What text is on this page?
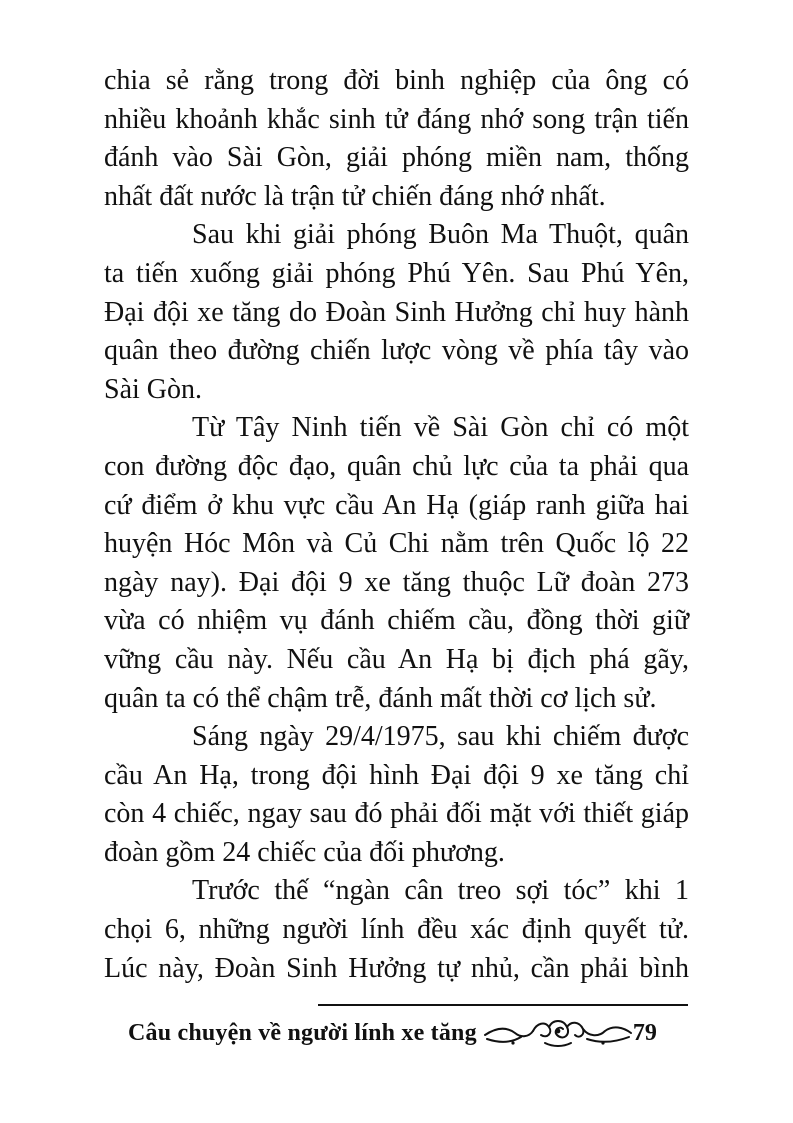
chia sẻ rằng trong đời binh nghiệp của ông có
nhiều khoảnh khắc sinh tử đáng nhớ song trận tiến
đánh vào Sài Gòn, giải phóng miền nam, thống
nhất đất nước là trận tử chiến đáng nhớ nhất.

Sau khi giải phóng Buôn Ma Thuột, quân
ta tiến xuống giải phóng Phú Yên. Sau Phú Yên,
Đại đội xe tăng do Đoàn Sinh Hưởng chỉ huy hành
quân theo đường chiến lược vòng về phía tây vào
Sài Gòn.

Từ Tây Ninh tiến về Sài Gòn chỉ có một
con đường độc đạo, quân chủ lực của ta phải qua
cứ điểm ở khu vực cầu An Hạ (giáp ranh giữa hai
huyện Hóc Môn và Củ Chi nằm trên Quốc lộ 22
ngày nay). Đại đội 9 xe tăng thuộc Lữ đoàn 273
vừa có nhiệm vụ đánh chiếm cầu, đồng thời giữ
vững cầu này. Nếu cầu An Hạ bị địch phá gãy,
quân ta có thể chậm trễ, đánh mất thời cơ lịch sử.

Sáng ngày 29/4/1975, sau khi chiếm được
cầu An Hạ, trong đội hình Đại đội 9 xe tăng chỉ
còn 4 chiếc, ngay sau đó phải đối mặt với thiết giáp
đoàn gồm 24 chiếc của đối phương.

Trước thế “ngàn cân treo sợi tóc” khi 1
chọi 6, những người lính đều xác định quyết tử.
Lúc này, Đoàn Sinh Hưởng tự nhủ, cần phải bình

Câu chuyện về người lính xe tăng	79
